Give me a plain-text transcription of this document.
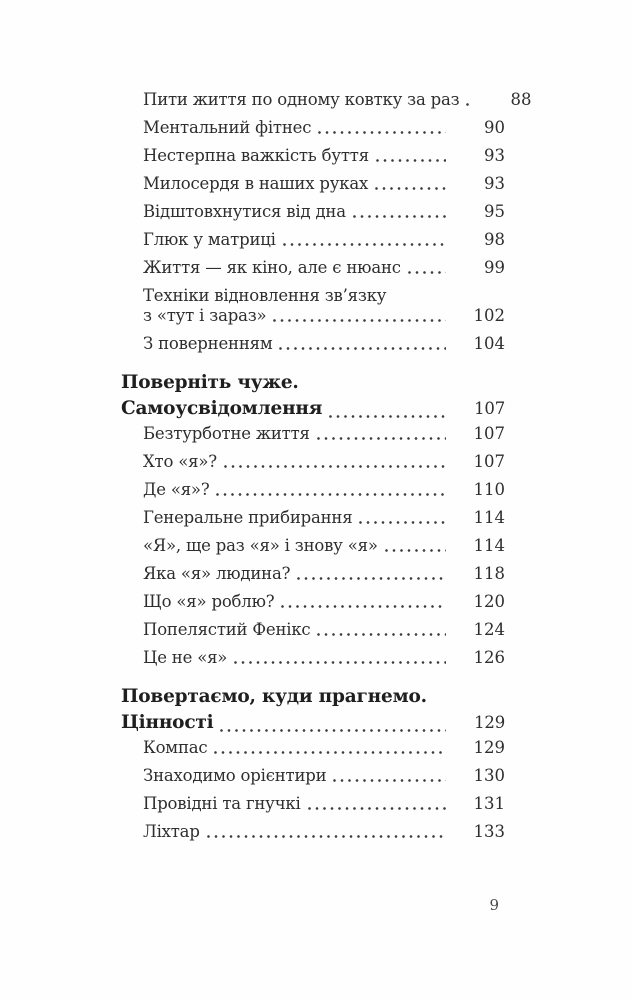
Пити життя по одному ковтку за раз	88
Ментальний фітнес	90
Нестерпна важкість буття	93
Милосердя в наших руках	93
Відштовхнутися від дна	95
Глюк у матриці	98
Життя — як кіно, але є нюанс	99
Техніки відновлення зв’язку
з «тут і зараз»	102
З поверненням	104
Поверніть чуже.
Самоусвідомлення	107
Безтурботне життя	107
Хто «я»?	107
Де «я»?	110
Генеральне прибирання	114
«Я», ще раз «я» і знову «я»	114
Яка «я» людина?	118
Що «я» роблю?	120
Попелястий Фенікс	124
Це не «я»	126
Повертаємо, куди прагнемо.
Цінності	129
Компас	129
Знаходимо орієнтири	130
Провідні та гнучкі	131
Ліхтар	133
9
